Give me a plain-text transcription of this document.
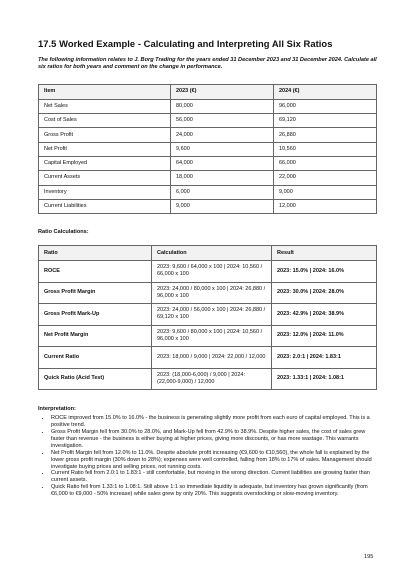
17.5 Worked Example - Calculating and Interpreting All Six Ratios

The following information relates to J. Borg Trading for the years ended 31 December 2023 and 31 December 2024. Calculate all six ratios for both years and comment on the change in performance.

Item	2023 (€)	2024 (€)
Net Sales	80,000	96,000
Cost of Sales	56,000	69,120
Gross Profit	24,000	26,880
Net Profit	9,600	10,560
Capital Employed	64,000	66,000
Current Assets	18,000	22,000
Inventory	6,000	9,000
Current Liabilities	9,000	12,000
Ratio Calculations:
Ratio	Calculation	Result
ROCE	2023: 9,600 / 64,000 x 100 | 2024: 10,560 / 66,000 x 100	2023: 15.0% | 2024: 16.0%
Gross Profit Margin	2023: 24,000 / 80,000 x 100 | 2024: 26,880 / 96,000 x 100	2023: 30.0% | 2024: 28.0%
Gross Profit Mark-Up	2023: 24,000 / 56,000 x 100 | 2024: 26,880 / 69,120 x 100	2023: 42.9% | 2024: 38.9%
Net Profit Margin	2023: 9,600 / 80,000 x 100 | 2024: 10,560 / 96,000 x 100	2023: 12.0% | 2024: 11.0%
Current Ratio	2023: 18,000 / 9,000 | 2024: 22,000 / 12,000	2023: 2.0:1 | 2024: 1.83:1
Quick Ratio (Acid Test)	2023: (18,000-6,000) / 9,000 | 2024: (22,000-9,000) / 12,000	2023: 1.33:1 | 2024: 1.08:1
Interpretation:
• ROCE improved from 15.0% to 16.0% - the business is generating slightly more profit from each euro of capital employed. This is a positive trend.
• Gross Profit Margin fell from 30.0% to 28.0%, and Mark-Up fell from 42.9% to 38.9%. Despite higher sales, the cost of sales grew faster than revenue - the business is either buying at higher prices, giving more discounts, or has more wastage. This warrants investigation.
• Net Profit Margin fell from 12.0% to 11.0%. Despite absolute profit increasing (€9,600 to €10,560), the whole fall is explained by the lower gross profit margin (30% down to 28%); expenses were well controlled, falling from 18% to 17% of sales. Management should investigate buying prices and selling prices, not running costs.
• Current Ratio fell from 2.0:1 to 1.83:1 - still comfortable, but moving in the wrong direction. Current liabilities are growing faster than current assets.
• Quick Ratio fell from 1.33:1 to 1.08:1. Still above 1:1 so immediate liquidity is adequate, but inventory has grown significantly (from €6,000 to €9,000 - 50% increase) while sales grew by only 20%. This suggests overstocking or slow-moving inventory.
195
